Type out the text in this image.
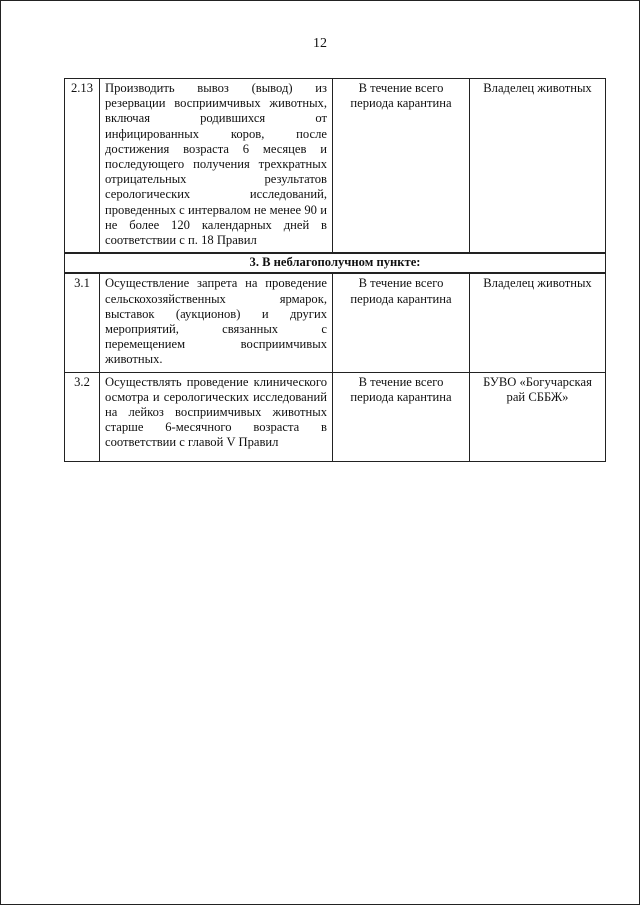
12
2.13	Производить вывоз (вывод) из резервации восприимчивых животных, включая родившихся от инфицированных коров, после достижения возраста 6 месяцев и последующего получения трехкратных отрицательных результатов серологических исследований, проведенных с интервалом не менее 90 и не более 120 календарных дней в соответствии с п. 18 Правил	В течение всего периода карантина	Владелец животных
3. В неблагополучном пункте:			
3.1	Осуществление запрета на проведение сельскохозяйственных ярмарок, выставок (аукционов) и других мероприятий, связанных с перемещением восприимчивых животных.	В течение всего периода карантина	Владелец животных
3.2	Осуществлять проведение клинического осмотра и серологических исследований на лейкоз восприимчивых животных старше 6-месячного возраста в соответствии с главой V Правил	В течение всего периода карантина	БУВО «Богучарская рай СББЖ»
